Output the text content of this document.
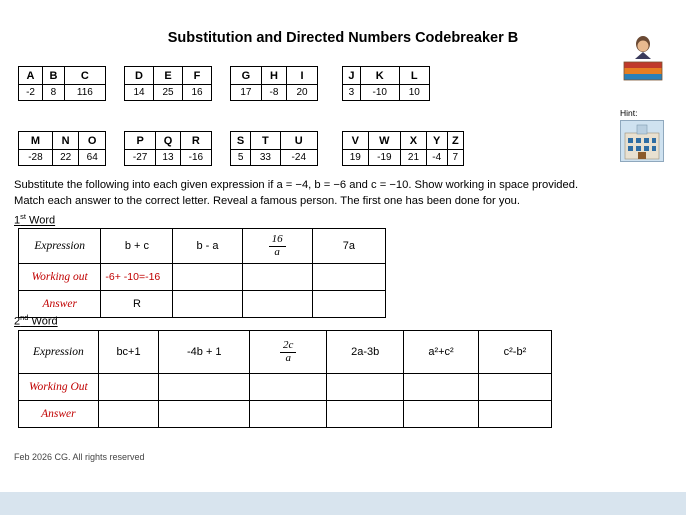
Substitution and Directed Numbers Codebreaker B
Hint:
A	B	C
-2	8	116
D	E	F
14	25	16
G	H	I
17	-8	20
J	K	L
3	-10	10
M	N	O
-28	22	64
P	Q	R
-27	13	-16
S	T	U
5	33	-24
V	W	X	Y	Z
19	-19	21	-4	7
Substitute the following into each given expression if a = −4, b = −6 and c = −10. Show working in space provided.
Match each answer to the correct letter. Reveal a famous person. The first one has been done for you.
1st Word
Expression	b + c	b - a	$\frac{16}{a}$	7a
Working out	-6+ -10=-16			
Answer	R			
2nd Word
Expression	bc+1	-4b + 1	$\frac{2c}{a}$	2a-3b	a²+c²	c²-b²
Working Out						
Answer						
Feb 2026 CG. All rights reserved
